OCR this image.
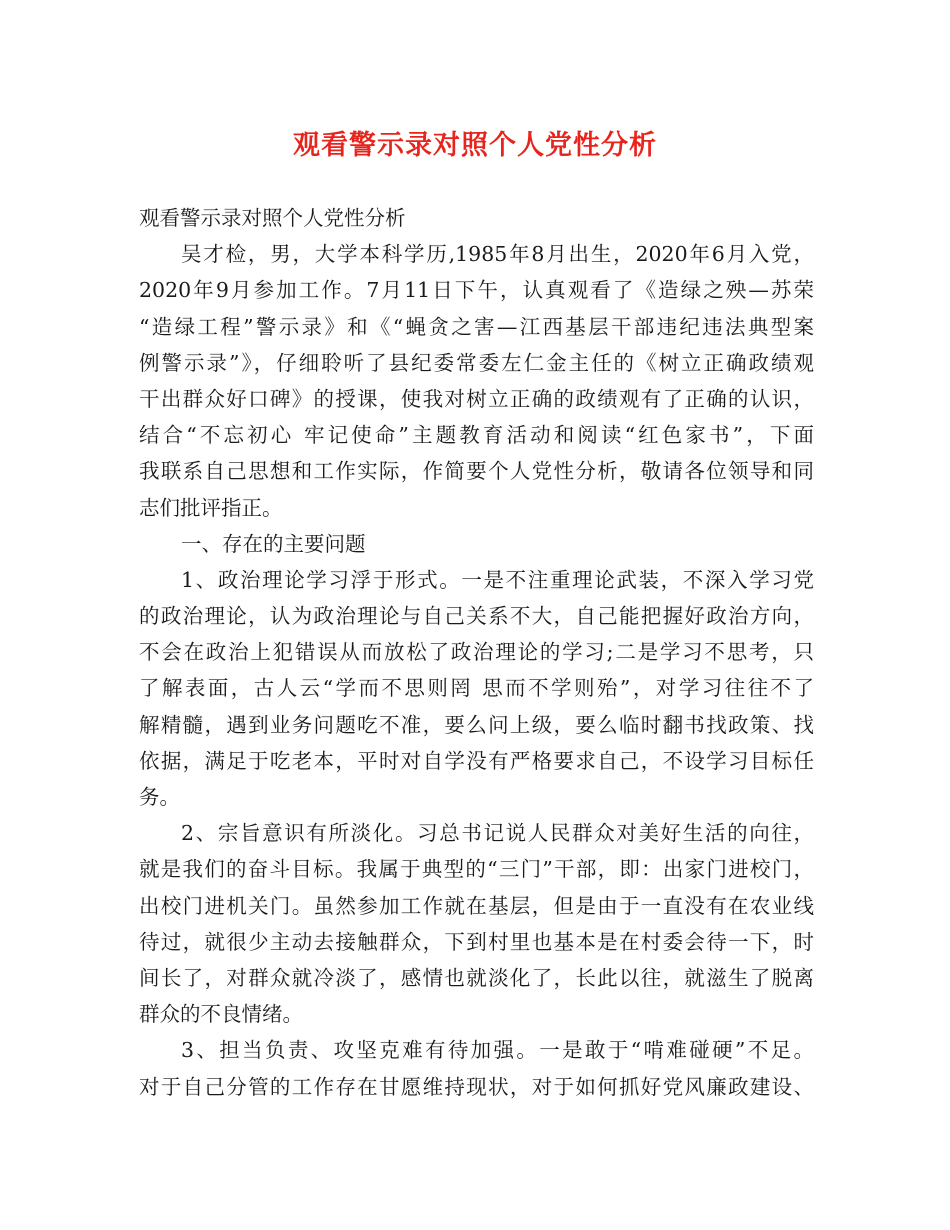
观看警示录对照个人党性分析
观看警示录对照个人党性分析
吴才检，男，大学本科学历,1985年8月出生，2020年6月入党，
2020年9月参加工作。7月11日下午，认真观看了《造绿之殃—苏荣
“造绿工程”警示录》和《“蝇贪之害—江西基层干部违纪违法典型案
例警示录”》，仔细聆听了县纪委常委左仁金主任的《树立正确政绩观
干出群众好口碑》的授课，使我对树立正确的政绩观有了正确的认识，
结合“不忘初心 牢记使命”主题教育活动和阅读“红色家书”，下面
我联系自己思想和工作实际，作简要个人党性分析，敬请各位领导和同
志们批评指正。
一、存在的主要问题
1、政治理论学习浮于形式。一是不注重理论武装，不深入学习党
的政治理论，认为政治理论与自己关系不大，自己能把握好政治方向，
不会在政治上犯错误从而放松了政治理论的学习;二是学习不思考，只
了解表面，古人云“学而不思则罔 思而不学则殆”，对学习往往不了
解精髓，遇到业务问题吃不准，要么问上级，要么临时翻书找政策、找
依据，满足于吃老本，平时对自学没有严格要求自己，不设学习目标任
务。
2、宗旨意识有所淡化。习总书记说人民群众对美好生活的向往，
就是我们的奋斗目标。我属于典型的“三门”干部，即：出家门进校门，
出校门进机关门。虽然参加工作就在基层，但是由于一直没有在农业线
待过，就很少主动去接触群众，下到村里也基本是在村委会待一下，时
间长了，对群众就冷淡了，感情也就淡化了，长此以往，就滋生了脱离
群众的不良情绪。
3、担当负责、攻坚克难有待加强。一是敢于“啃难碰硬”不足。
对于自己分管的工作存在甘愿维持现状，对于如何抓好党风廉政建设、
